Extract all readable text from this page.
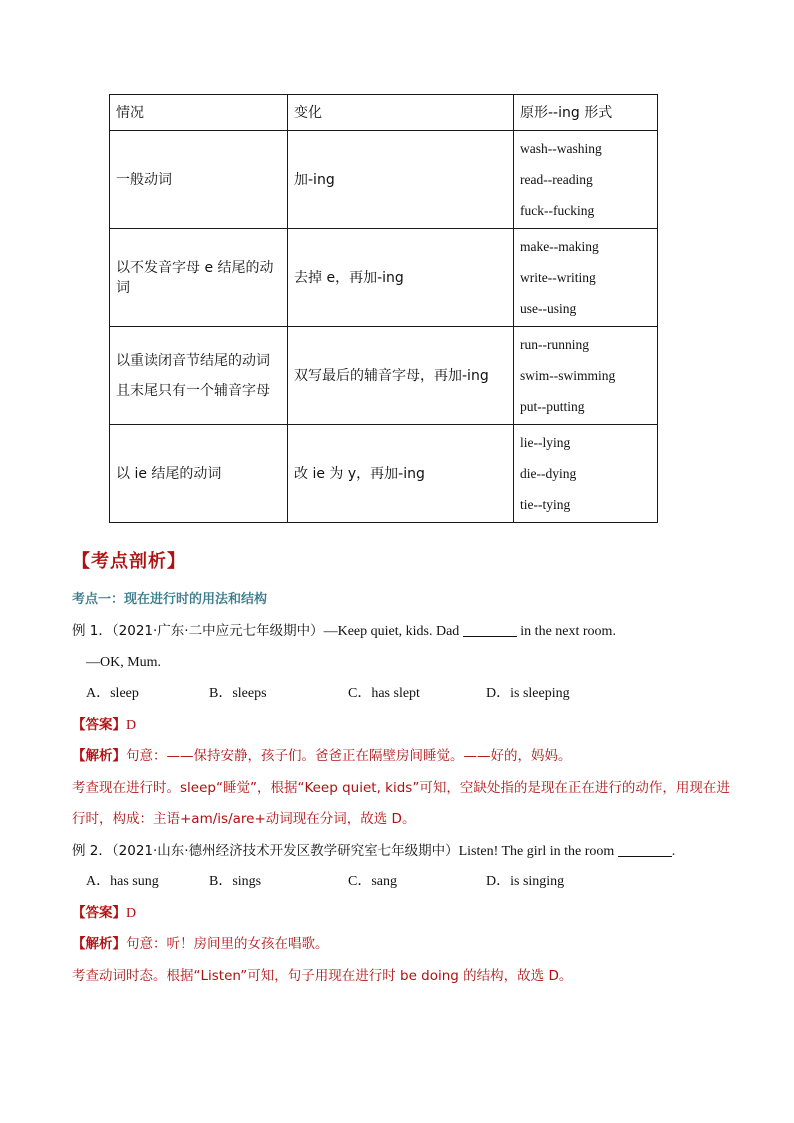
情况	变化	原形--ing 形式
一般动词	加-ing	wash--washing
read--reading
fuck--fucking

以不发音字母 e 结尾的动词	去掉 e，再加-ing	make--making
write--writing
use--using

以重读闭音节结尾的动词
且末尾只有一个辅音字母	双写最后的辅音字母，再加-ing	run--running
swim--swimming
put--putting

以 ie 结尾的动词	改 ie 为 y，再加-ing	lie--lying
die--dying
tie--tying
【考点剖析】
考点一：现在进行时的用法和结构
例 1．（2021·广东·二中应元七年级期中）—Keep quiet, kids. Dad	in the next room.
—OK, Mum.
A．sleep	B．sleeps	C．has slept	D．is sleeping
【答案】D
【解析】句意：——保持安静，孩子们。爸爸正在隔壁房间睡觉。——好的，妈妈。
考查现在进行时。sleep“睡觉”，根据“Keep quiet, kids”可知，空缺处指的是现在正在进行的动作，用现在进
行时，构成：主语+am/is/are+动词现在分词，故选 D。
例 2．（2021·山东·德州经济技术开发区教学研究室七年级期中）Listen! The girl in the room	.
A．has sung	B．sings	C．sang	D．is singing
【答案】D
【解析】句意：听！房间里的女孩在唱歌。
考查动词时态。根据“Listen”可知，句子用现在进行时 be doing 的结构，故选 D。
